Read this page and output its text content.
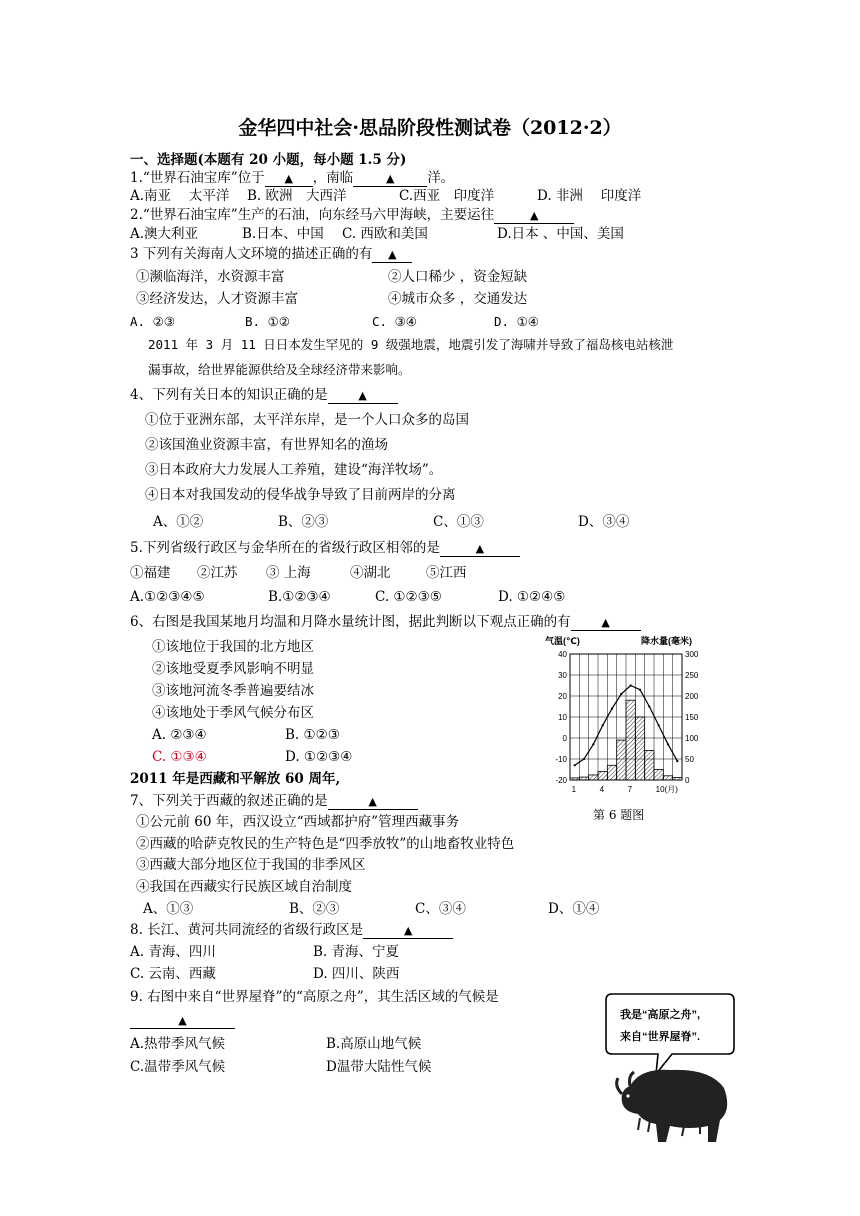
金华四中社会·思品阶段性测试卷（2012·2）
一、选择题(本题有 20 小题，每小题 1.5 分)
1.“世界石油宝库”位于 ▲ ，南临	▲ 洋。
A.南亚　 太平洋 B. 欧洲　大西洋	C.西亚　印度洋	D. 非洲　 印度洋
2.“世界石油宝库”生产的石油，向东经马六甲海峡，主要运往	▲
A.澳大利亚	B.日本、中国 C. 西欧和美国	D.日本 、中国、美国
3 下列有关海南人文环境的描述正确的有 ▲
①濒临海洋，水资源丰富	②人口稀少 ，资金短缺
③经济发达，人才资源丰富	④城市众多 ，交通发达
A. ②③	B. ①②	C. ③④	D. ①④
2011 年 3 月 11 日日本发生罕见的 9 级强地震，地震引发了海啸并导致了福岛核电站核泄
漏事故，给世界能源供给及全球经济带来影响。
4、下列有关日本的知识正确的是	▲
①位于亚洲东部，太平洋东岸，是一个人口众多的岛国
②该国渔业资源丰富，有世界知名的渔场
③日本政府大力发展人工养殖，建设“海洋牧场”。
④日本对我国发动的侵华战争导致了目前两岸的分离
A、①②	B、②③	C、①③	D、③④
5.下列省级行政区与金华所在的省级行政区相邻的是	▲
①福建 ②江苏 ③ 上海	④湖北	⑤江西
A.①②③④⑤	B.①②③④	C. ①②③⑤	D. ①②④⑤
6、右图是我国某地月均温和月降水量统计图，据此判断以下观点正确的有	▲
①该地位于我国的北方地区
②该地受夏季风影响不明显
③该地河流冬季普遍要结冰
④该地处于季风气候分布区
A. ②③④	B. ①②③
C. ①③④	D. ①②③④
气温(℃)	降水量(毫米)
40
30
20
10
0
-10
-20
300
250
200
150
100
50
0
1	4	7	10(月)
第 6 题图
2011 年是西藏和平解放 60 周年,
7、下列关于西藏的叙述正确的是	▲
①公元前 60 年，西汉设立“西域都护府”管理西藏事务
②西藏的哈萨克牧民的生产特色是“四季放牧”的山地畜牧业特色
③西藏大部分地区位于我国的非季风区
④我国在西藏实行民族区域自治制度
A、①③	B、②③	C、③④	D、①④
8. 长江、黄河共同流经的省级行政区是	▲
A. 青海、四川	B. 青海、宁夏
C. 云南、西藏	D. 四川、陕西
9. 右图中来自“世界屋脊”的“高原之舟”，其生活区域的气候是
▲
A.热带季风气候	B.高原山地气候
C.温带季风气候	D温带大陆性气候
我是“高原之舟”,
来自“世界屋脊”.
